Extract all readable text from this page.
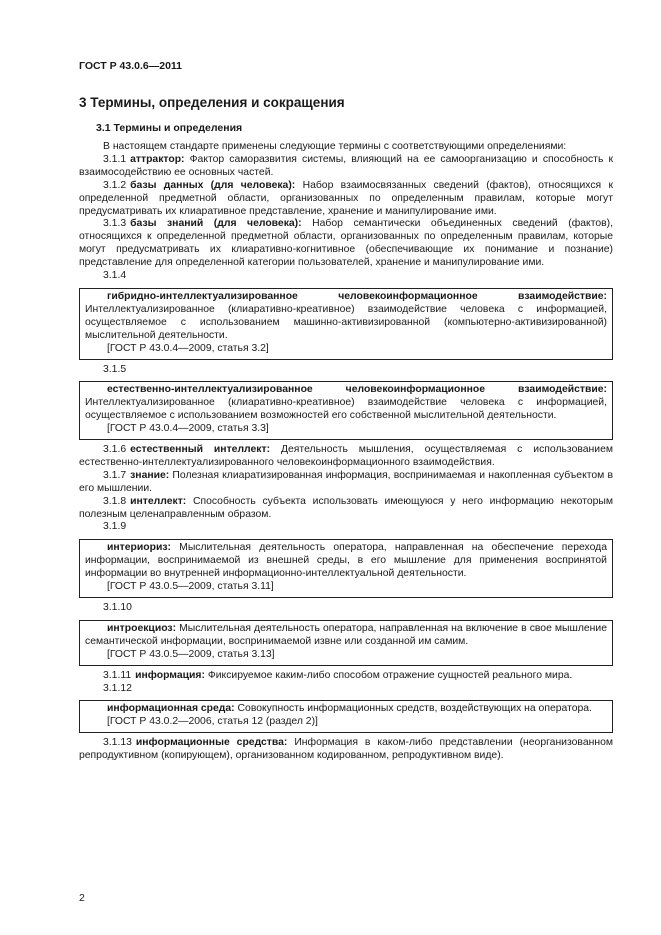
ГОСТ Р 43.0.6—2011
3 Термины, определения и сокращения
3.1 Термины и определения

В настоящем стандарте применены следующие термины с соответствующими определениями:

3.1.1 аттрактор: Фактор саморазвития системы, влияющий на ее самоорганизацию и способность к взаимосодействию ее основных частей.

3.1.2 базы данных (для человека): Набор взаимосвязанных сведений (фактов), относящихся к определенной предметной области, организованных по определенным правилам, которые могут предусматривать их клиаративное представление, хранение и манипулирование ими.

3.1.3 базы знаний (для человека): Набор семантически объединенных сведений (фактов), относящихся к определенной предметной области, организованных по определенным правилам, которые могут предусматривать их клиаративно-когнитивное (обеспечивающие их понимание и познание) представление для определенной категории пользователей, хранение и манипулирование ими.

3.1.4

гибридно-интеллектуализированное человекоинформационное взаимодействие: Интеллектуализированное (клиаративно-креативное) взаимодействие человека с информацией, осуществляемое с использованием машинно-активизированной (компьютерно-активизированной) мыслительной деятельности.

[ГОСТ Р 43.0.4—2009, статья 3.2]

3.1.5

естественно-интеллектуализированное человекоинформационное взаимодействие: Интеллектуализированное (клиаративно-креативное) взаимодействие человека с информацией, осуществляемое с использованием возможностей его собственной мыслительной деятельности.

[ГОСТ Р 43.0.4—2009, статья 3.3]

3.1.6 естественный интеллект: Деятельность мышления, осуществляемая с использованием естественно-интеллектуализированного человекоинформационного взаимодействия.

3.1.7 знание: Полезная клиаратизированная информация, воспринимаемая и накопленная субъектом в его мышлении.

3.1.8 интеллект: Способность субъекта использовать имеющуюся у него информацию некоторым полезным целенаправленным образом.

3.1.9

интериориз: Мыслительная деятельность оператора, направленная на обеспечение перехода информации, воспринимаемой из внешней среды, в его мышление для применения воспринятой информации во внутренней информационно-интеллектуальной деятельности.

[ГОСТ Р 43.0.5—2009, статья 3.11]

3.1.10

интроекциоз: Мыслительная деятельность оператора, направленная на включение в свое мышление семантической информации, воспринимаемой извне или созданной им самим.

[ГОСТ Р 43.0.5—2009, статья 3.13]

3.1.11 информация: Фиксируемое каким-либо способом отражение сущностей реального мира.

3.1.12

информационная среда: Совокупность информационных средств, воздействующих на оператора.

[ГОСТ Р 43.0.2—2006, статья 12 (раздел 2)]

3.1.13 информационные средства: Информация в каком-либо представлении (неорганизованном репродуктивном (копирующем), организованном кодированном, репродуктивном виде).

2
